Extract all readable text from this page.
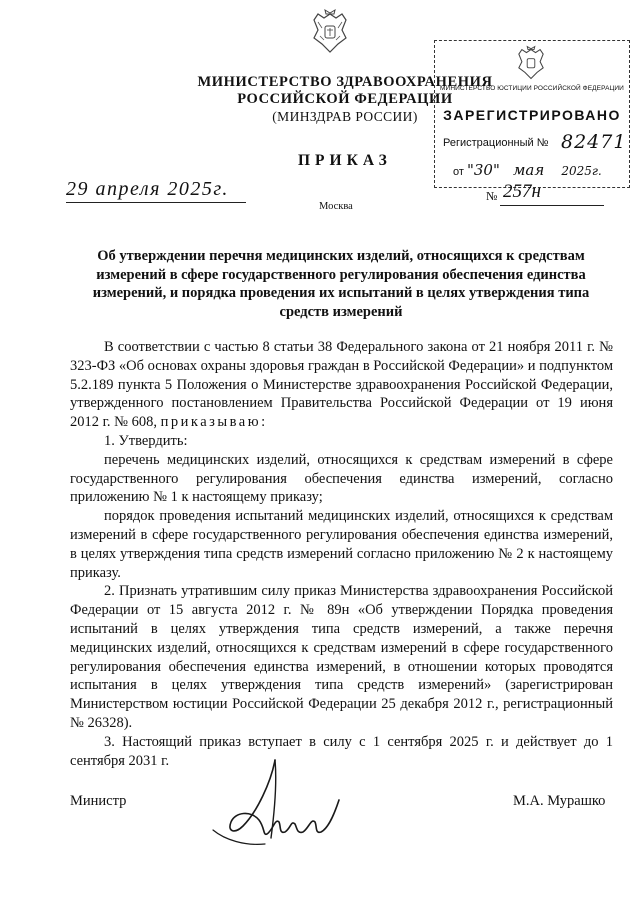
МИНИСТЕРСТВО ЗДРАВООХРАНЕНИЯ
РОССИЙСКОЙ ФЕДЕРАЦИИ
(МИНЗДРАВ РОССИИ)
ПРИКАЗ
МИНИСТЕРСТВО ЮСТИЦИИ РОССИЙСКОЙ ФЕДЕРАЦИИ
ЗАРЕГИСТРИРОВАНО
Регистрационный № 82471
от "30" мая 2025г.
29 апреля 2025г.
Москва
№ 257н
Об утверждении перечня медицинских изделий, относящихся к средствам измерений в сфере государственного регулирования обеспечения единства измерений, и порядка проведения их испытаний в целях утверждения типа средств измерений

В соответствии с частью 8 статьи 38 Федерального закона от 21 ноября 2011 г. № 323-ФЗ «Об основах охраны здоровья граждан в Российской Федерации» и подпунктом 5.2.189 пункта 5 Положения о Министерстве здравоохранения Российской Федерации, утвержденного постановлением Правительства Российской Федерации от 19 июня 2012 г. № 608, приказываю:

1. Утвердить:

перечень медицинских изделий, относящихся к средствам измерений в сфере государственного регулирования обеспечения единства измерений, согласно приложению № 1 к настоящему приказу;

порядок проведения испытаний медицинских изделий, относящихся к средствам измерений в сфере государственного регулирования обеспечения единства измерений, в целях утверждения типа средств измерений согласно приложению № 2 к настоящему приказу.

2. Признать утратившим силу приказ Министерства здравоохранения Российской Федерации от 15 августа 2012 г. № 89н «Об утверждении Порядка проведения испытаний в целях утверждения типа средств измерений, а также перечня медицинских изделий, относящихся к средствам измерений в сфере государственного регулирования обеспечения единства измерений, в отношении которых проводятся испытания в целях утверждения типа средств измерений» (зарегистрирован Министерством юстиции Российской Федерации 25 декабря 2012 г., регистрационный № 26328).

3. Настоящий приказ вступает в силу с 1 сентября 2025 г. и действует до 1 сентября 2031 г.

Министр	М.А. Мурашко
